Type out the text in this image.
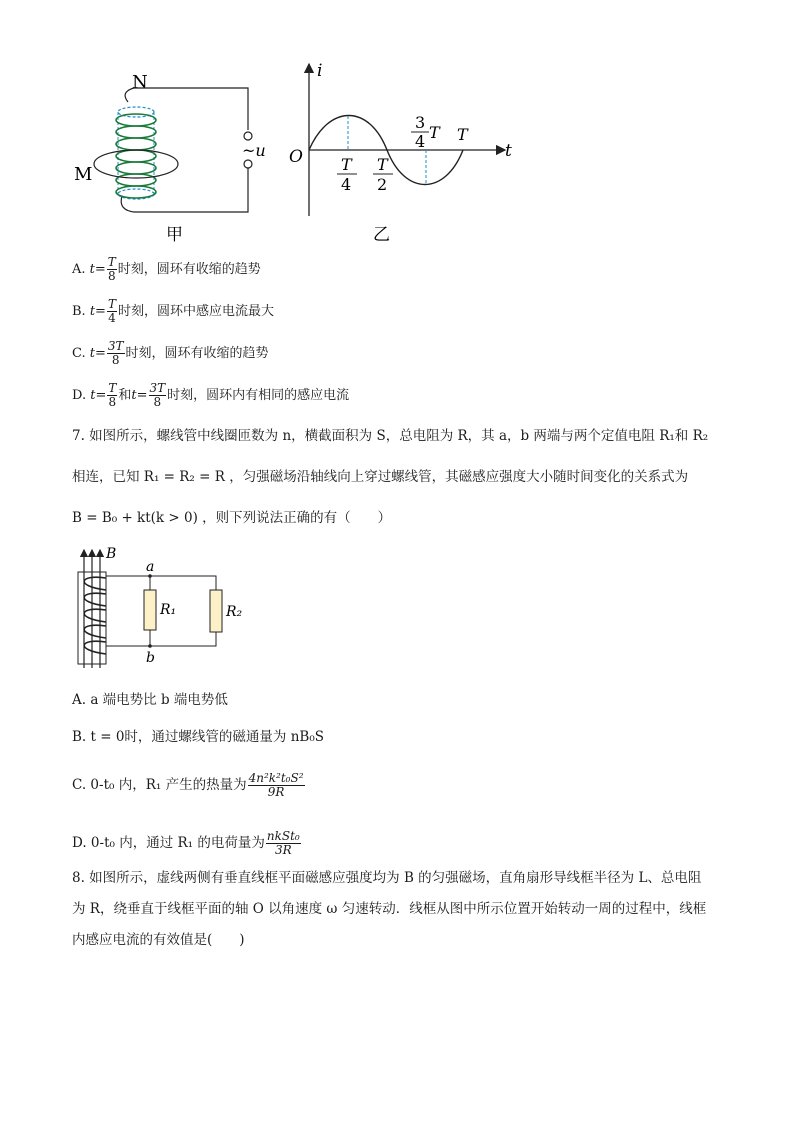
N
M
~u
甲
i
t
O T
4
T
2
3
4 T T
乙
A. $t= \frac{T}{8}$ 时刻，圆环有收缩的趋势
B. $t= \frac{T}{4}$ 时刻，圆环中感应电流最大
C. $t= \frac{3T}{8}$ 时刻，圆环有收缩的趋势
D. $t= \frac{T}{8}$ 和$t= \frac{3T}{8}$ 时刻，圆环内有相同的感应电流
7. 如图所示，螺线管中线圈匝数为 n，横截面积为 S，总电阻为 R，其 a，b 两端与两个定值电阻 R₁和 R₂
相连，已知 R₁ = R₂ = R ，匀强磁场沿轴线向上穿过螺线管，其磁感应强度大小随时间变化的关系式为
B = B₀ + kt(k > 0) ，则下列说法正确的有（　　）
B
a
b
R₁	R₂
A. a 端电势比 b 端电势低
B. t = 0时，通过螺线管的磁通量为 nB₀S
C. 0-t₀ 内，R₁ 产生的热量为 $\frac{\text{4n²k²t₀S²}}{9R}$
D. 0-t₀ 内，通过 R₁ 的电荷量为 $\frac{\text{nkSt₀}}{3R}$
8. 如图所示，虚线两侧有垂直线框平面磁感应强度均为 B 的匀强磁场，直角扇形导线框半径为 L、总电阻
为 R，绕垂直于线框平面的轴 O 以角速度 ω 匀速转动．线框从图中所示位置开始转动一周的过程中，线框
内感应电流的有效值是(　　)
